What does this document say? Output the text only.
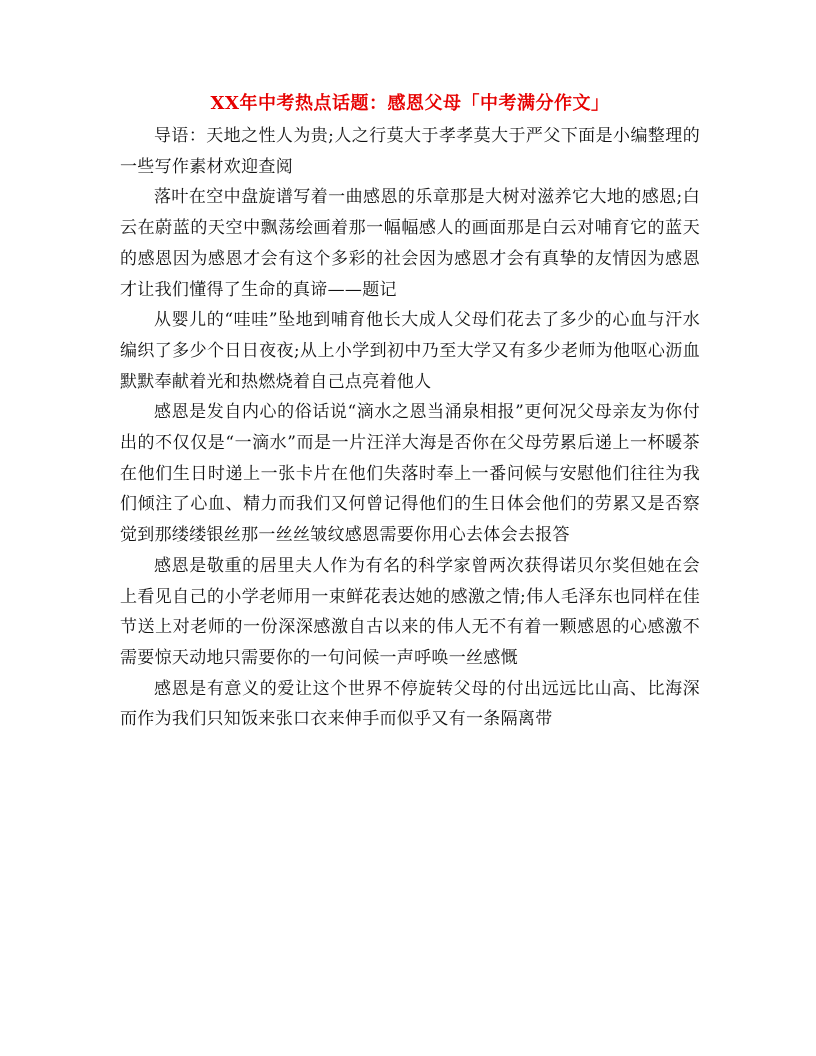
XX年中考热点话题：感恩父母「中考满分作文」

导语：天地之性人为贵;人之行莫大于孝孝莫大于严父下面是小编整理的一些写作素材欢迎查阅

落叶在空中盘旋谱写着一曲感恩的乐章那是大树对滋养它大地的感恩;白云在蔚蓝的天空中飘荡绘画着那一幅幅感人的画面那是白云对哺育它的蓝天的感恩因为感恩才会有这个多彩的社会因为感恩才会有真挚的友情因为感恩才让我们懂得了生命的真谛——题记

从婴儿的“哇哇”坠地到哺育他长大成人父母们花去了多少的心血与汗水编织了多少个日日夜夜;从上小学到初中乃至大学又有多少老师为他呕心沥血默默奉献着光和热燃烧着自己点亮着他人

感恩是发自内心的俗话说“滴水之恩当涌泉相报”更何况父母亲友为你付出的不仅仅是“一滴水”而是一片汪洋大海是否你在父母劳累后递上一杯暖茶在他们生日时递上一张卡片在他们失落时奉上一番问候与安慰他们往往为我们倾注了心血、精力而我们又何曾记得他们的生日体会他们的劳累又是否察觉到那缕缕银丝那一丝丝皱纹感恩需要你用心去体会去报答

感恩是敬重的居里夫人作为有名的科学家曾两次获得诺贝尔奖但她在会上看见自己的小学老师用一束鲜花表达她的感激之情;伟人毛泽东也同样在佳节送上对老师的一份深深感激自古以来的伟人无不有着一颗感恩的心感激不需要惊天动地只需要你的一句问候一声呼唤一丝感慨

感恩是有意义的爱让这个世界不停旋转父母的付出远远比山高、比海深而作为我们只知饭来张口衣来伸手而似乎又有一条隔离带
